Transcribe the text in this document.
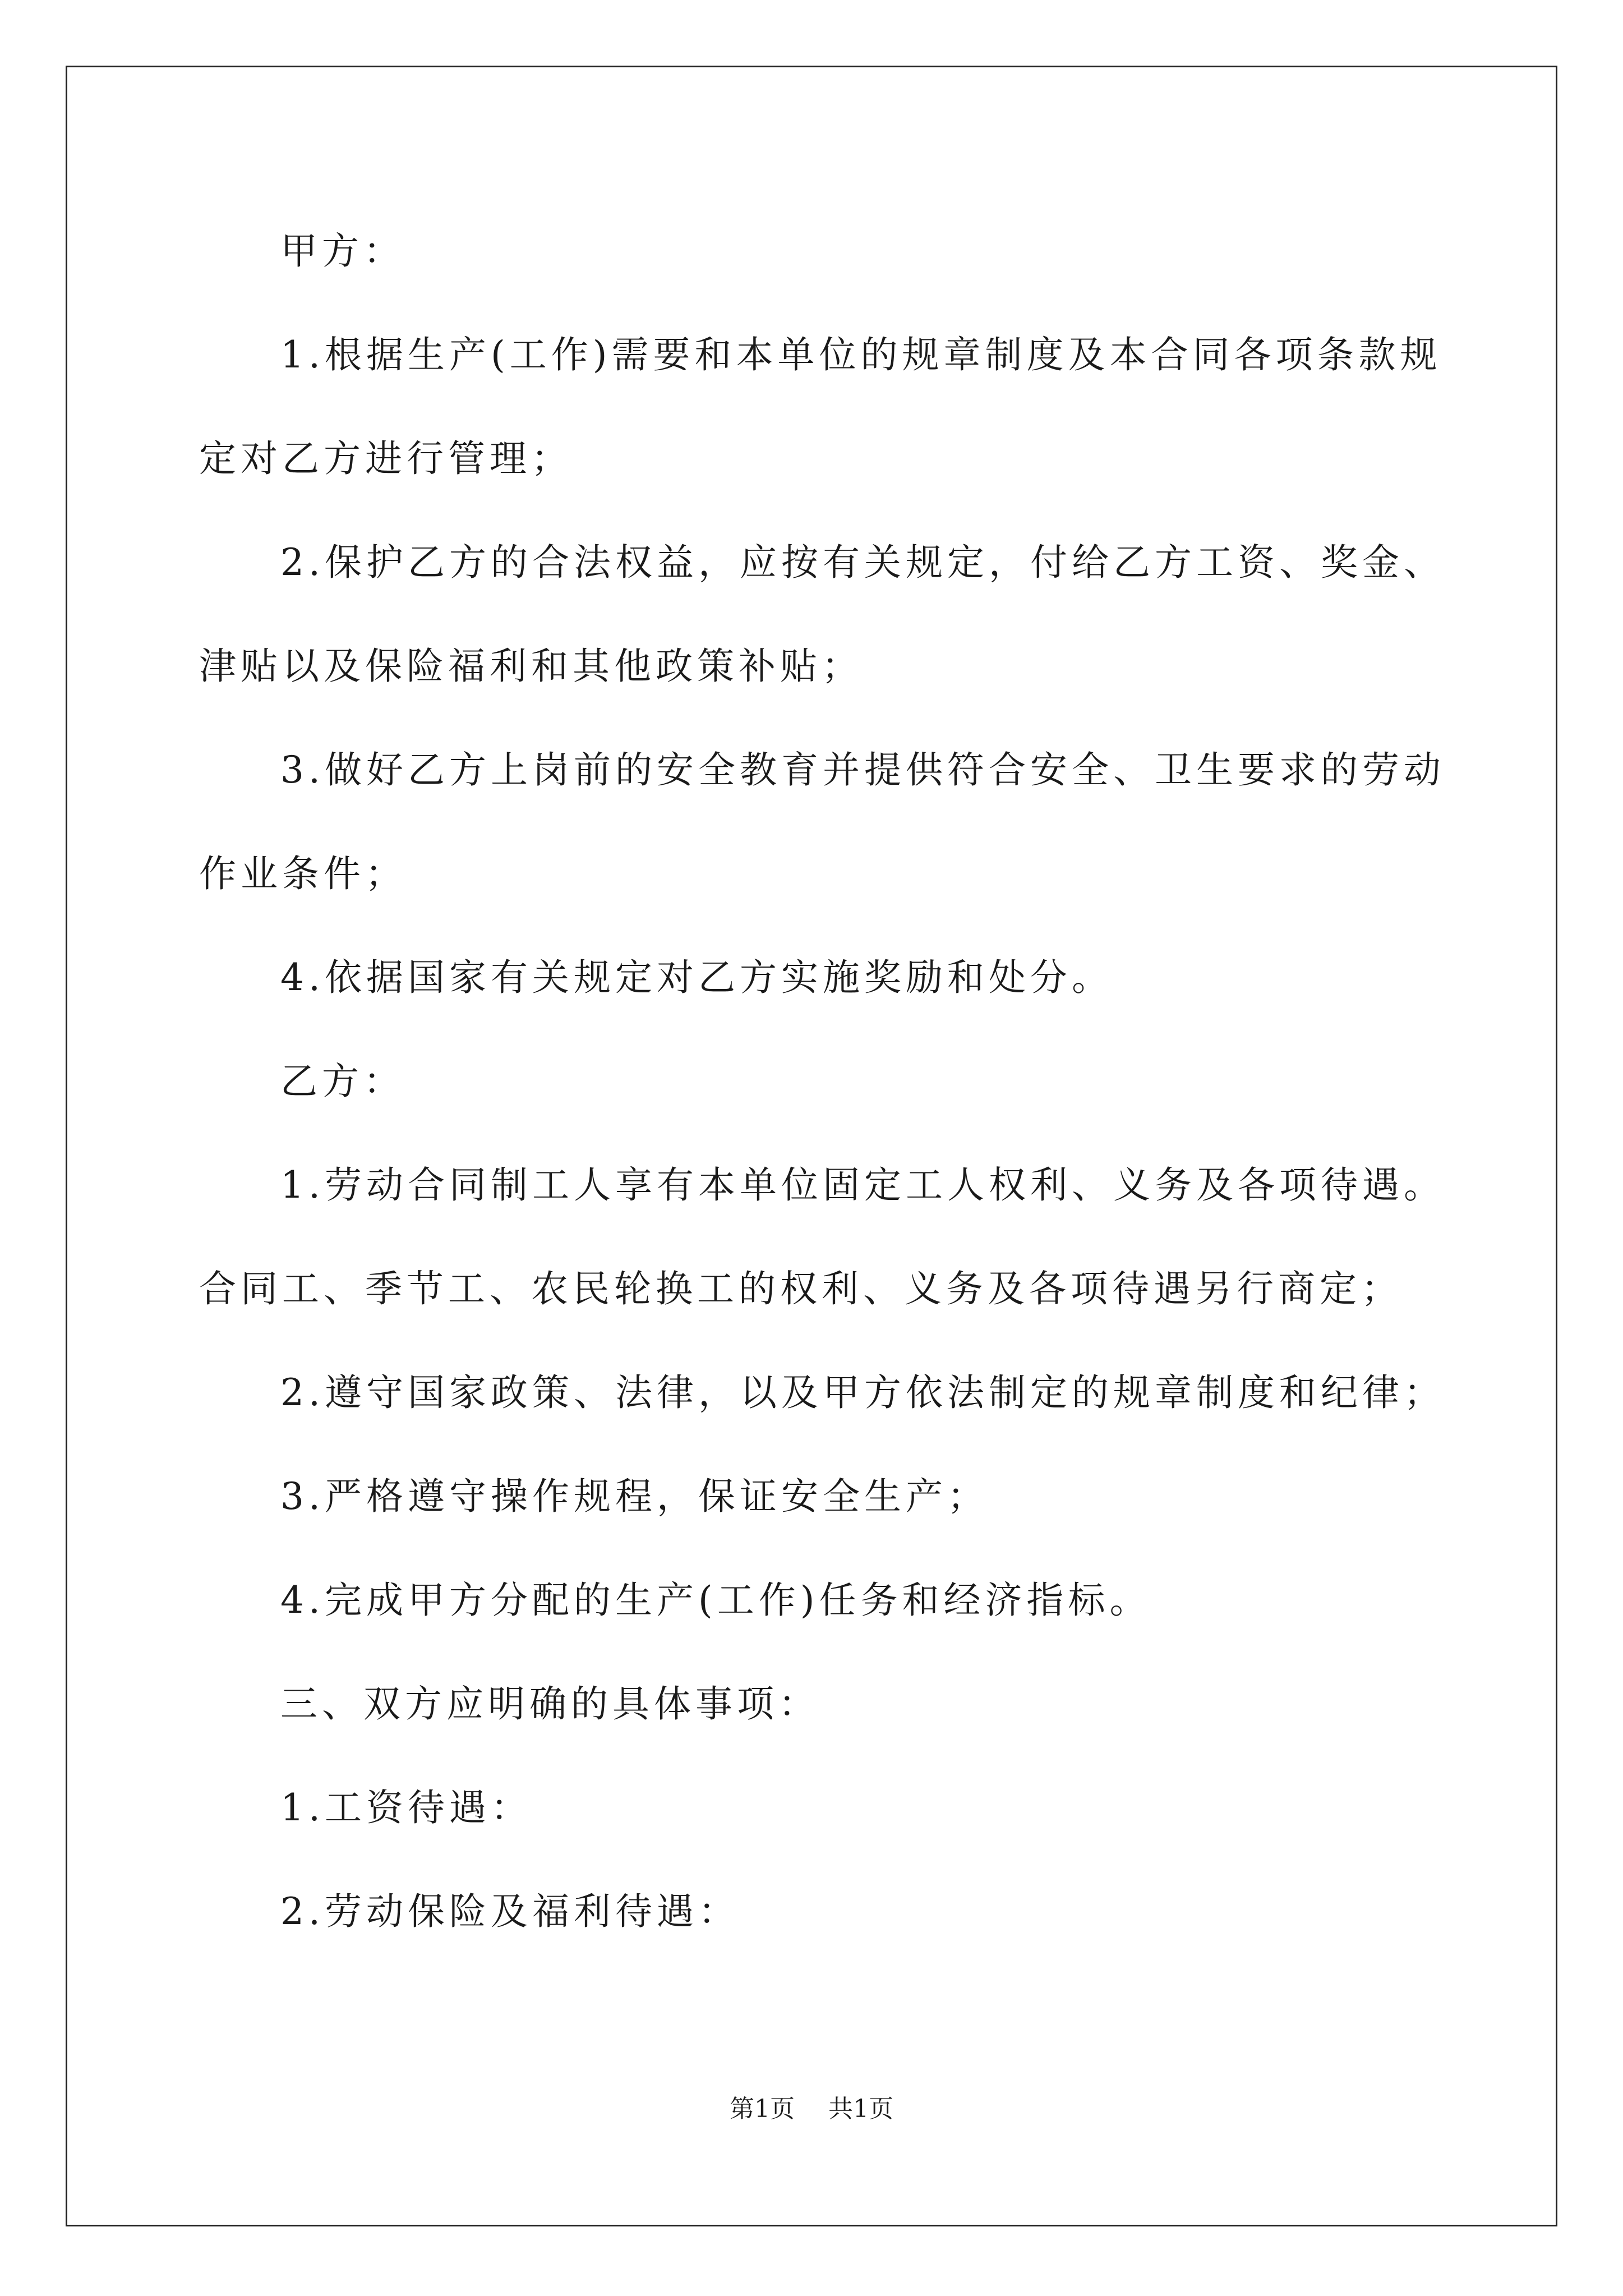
甲方：
1.根据生产(工作)需要和本单位的规章制度及本合同各项条款规
定对乙方进行管理；
2.保护乙方的合法权益，应按有关规定，付给乙方工资、奖金、
津贴以及保险福利和其他政策补贴；
3.做好乙方上岗前的安全教育并提供符合安全、卫生要求的劳动
作业条件；
4.依据国家有关规定对乙方实施奖励和处分。
乙方：
1.劳动合同制工人享有本单位固定工人权利、义务及各项待遇。
合同工、季节工、农民轮换工的权利、义务及各项待遇另行商定；
2.遵守国家政策、法律，以及甲方依法制定的规章制度和纪律；
3.严格遵守操作规程，保证安全生产；
4.完成甲方分配的生产(工作)任务和经济指标。
三、双方应明确的具体事项：
1.工资待遇：
2.劳动保险及福利待遇：
第1页 共1页
